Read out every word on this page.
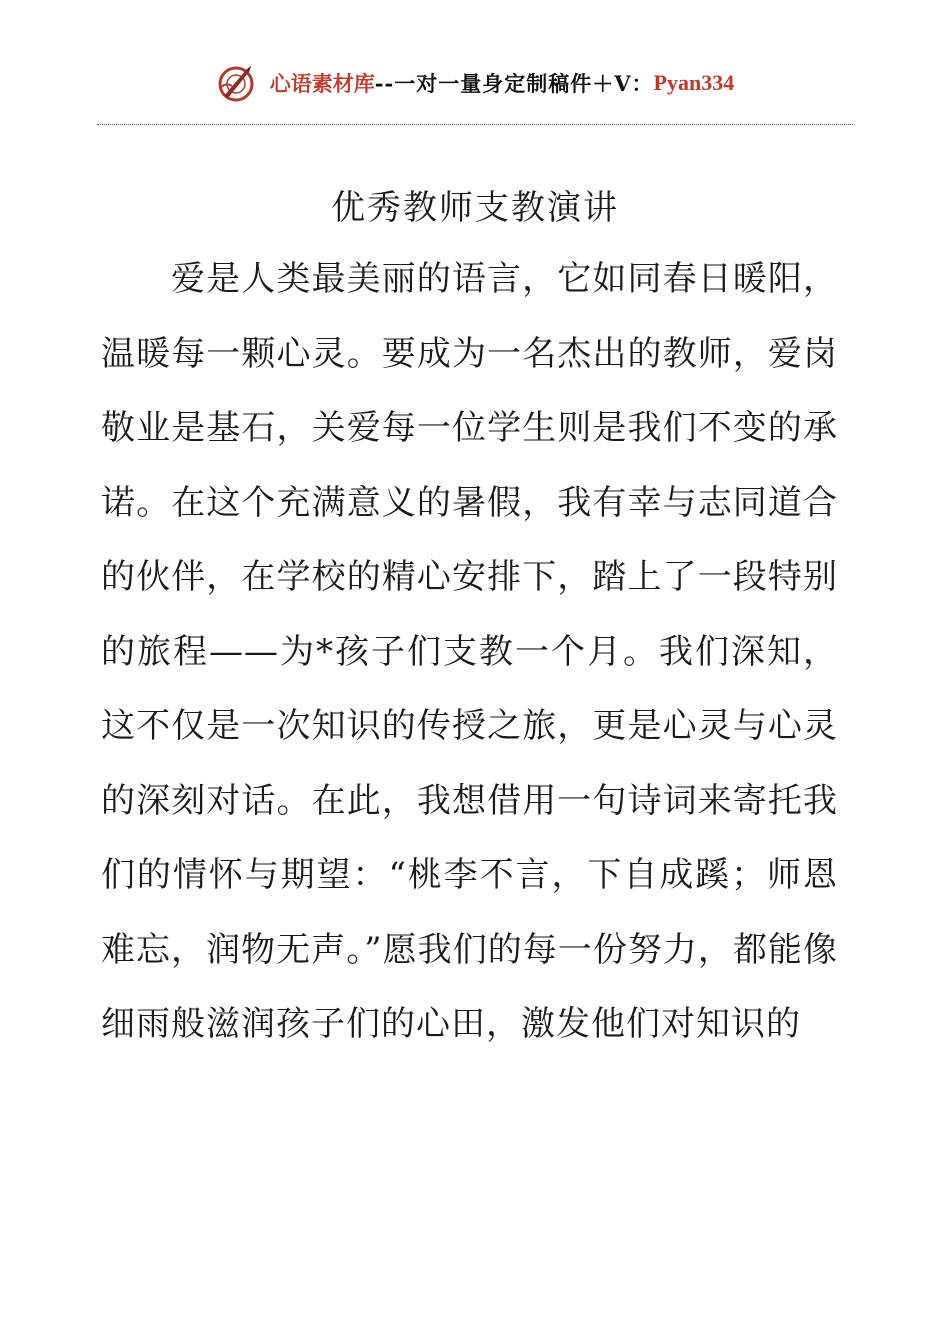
心语素材库 --一对一量身定制稿件＋V： Pyan334
优秀教师支教演讲

爱是人类最美丽的语言，它如同春日暖阳，温暖每一颗心灵。要成为一名杰出的教师，爱岗敬业是基石，关爱每一位学生则是我们不变的承诺。在这个充满意义的暑假，我有幸与志同道合的伙伴，在学校的精心安排下，踏上了一段特别的旅程——为*孩子们支教一个月。我们深知，这不仅是一次知识的传授之旅，更是心灵与心灵的深刻对话。在此，我想借用一句诗词来寄托我们的情怀与期望：“桃李不言，下自成蹊；师恩难忘，润物无声。”愿我们的每一份努力，都能像细雨般滋润孩子们的心田，激发他们对知识的
